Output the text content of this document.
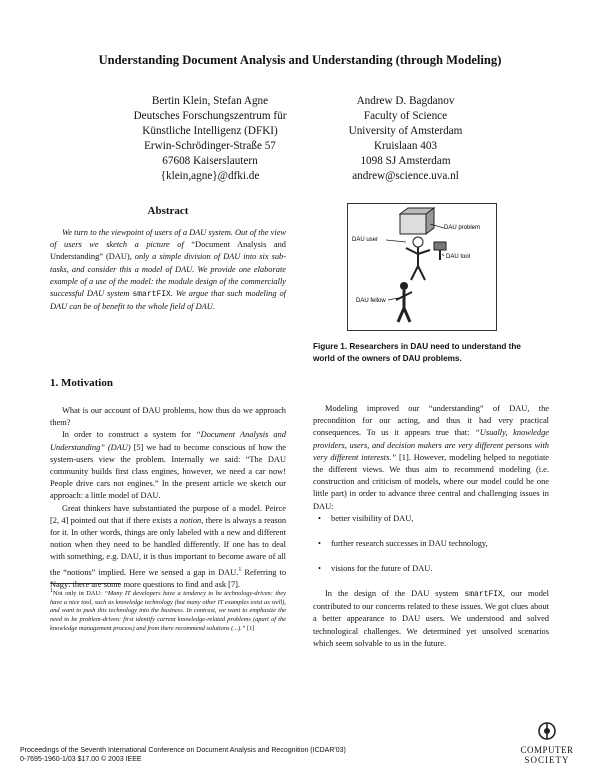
Understanding Document Analysis and Understanding (through Modeling)
Bertin Klein, Stefan Agne
Deutsches Forschungszentrum für
Künstliche Intelligenz (DFKI)
Erwin-Schrödinger-Straße 57
67608 Kaiserslautern
{klein,agne}@dfki.de
Andrew D. Bagdanov
Faculty of Science
University of Amsterdam
Kruislaan 403
1098 SJ Amsterdam
andrew@science.uva.nl
Abstract

We turn to the viewpoint of users of a DAU system. Out of the view of users we sketch a picture of “Document Analysis and Understanding” (DAU), only a simple division of DAU into six sub-tasks, and consider this a model of DAU. We provide one elaborate example of a use of the model: the module design of the commercially successful DAU system smartFIX. We argue that such modeling of DAU can be of benefit to the whole field of DAU.

1. Motivation

What is our account of DAU problems, how thus do we approach them?

In order to construct a system for “Document Analysis and Understanding” (DAU) [5] we had to become conscious of how the system-users view the problem. Internally we said: “The DAU community builds first class engines, however, we need a car now! People drive cars not engines.” In the present article we sketch our approach: a little model of DAU.

Great thinkers have substantiated the purpose of a model. Peirce [2, 4] pointed out that if there exists a notion, there is always a reason for it. In other words, things are only labeled with a new and different notion when they need to be handled differently. If one has to deal with something, e.g. DAU, it is thus important to become aware of all the “notions” implied. Here we sensed a gap in DAU.$^1$ Referring to Nagy: there are some more questions to find and ask [7].

$^1$Not only in DAU: “Many IT developers have a tendency to be technology-driven: they have a nice tool, such as knowledge technology (but many other IT examples exist as well), and want to push this technology into the business. In contrast, we want to emphasize the need to be problem-driven: first identify current knowledge-related problems (apart of the knowledge management process) and from there recommend solutions (...).” [1]
DAU problem
DAU user
DAU tool
DAU fellow
Figure 1. Researchers in DAU need to understand the world of the owners of DAU problems.

Modeling improved our “understanding” of DAU, the precondition for our acting, and thus it had very practical consequences. To us it appears true that: “Usually, knowledge providers, users, and decision makers are very different persons with very different interests.” [1]. However, modeling helped to negotiate the different views. We thus aim to recommend modeling (i.e. construction and criticism of models, where our model could be one little part) in order to advance three central and challenging issues in DAU:

• better visibility of DAU,
• further research successes in DAU technology,
• visions for the future of DAU.

In the design of the DAU system smartFIX, our model contributed to our concerns related to these issues. We got clues about a better appearance to DAU users. We understood and solved technological challenges. We determined yet unsolved scenarios which seem solvable to us in the future.

Proceedings of the Seventh International Conference on Document Analysis and Recognition (ICDAR'03)
0-7695-1960-1/03 $17.00 © 2003 IEEE
COMPUTER
SOCIETY
